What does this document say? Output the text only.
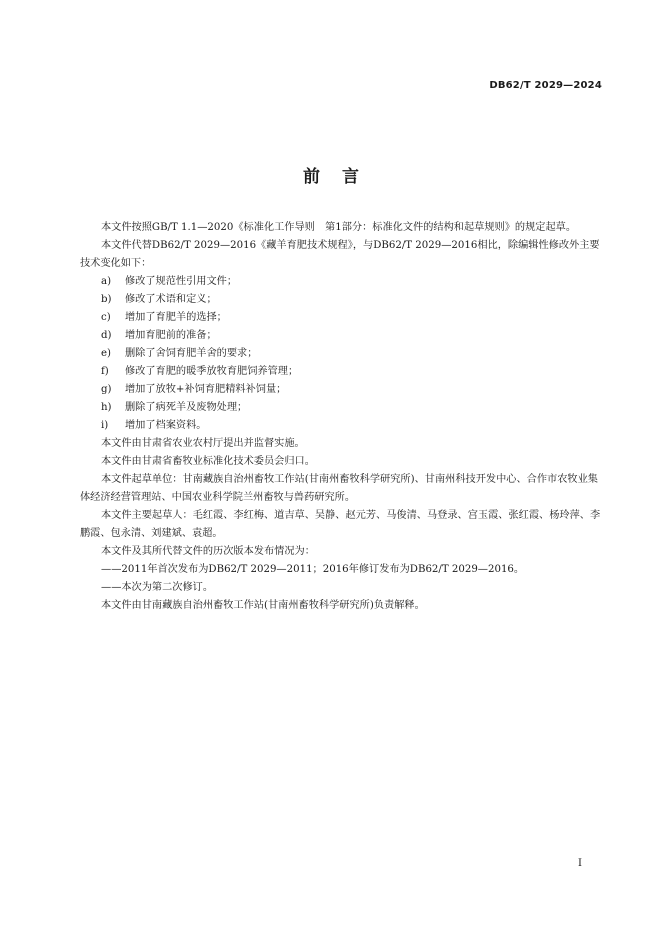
DB62/T 2029—2024
前言

本文件按照GB/T 1.1—2020《标准化工作导则　第1部分：标准化文件的结构和起草规则》的规定起草。

本文件代替DB62/T 2029—2016《藏羊育肥技术规程》，与DB62/T 2029—2016相比，除编辑性修改外主要技术变化如下：

a)	修改了规范性引用文件；

b)	修改了术语和定义；

c)	增加了育肥羊的选择；

d)	增加育肥前的准备；

e)	删除了舍饲育肥羊舍的要求；

f)	修改了育肥的暖季放牧育肥饲养管理；

g)	增加了放牧+补饲育肥精料补饲量；

h)	删除了病死羊及废物处理；

i)	增加了档案资料。

本文件由甘肃省农业农村厅提出并监督实施。

本文件由甘肃省畜牧业标准化技术委员会归口。

本文件起草单位：甘南藏族自治州畜牧工作站(甘南州畜牧科学研究所)、甘南州科技开发中心、合作市农牧业集体经济经营管理站、中国农业科学院兰州畜牧与兽药研究所。

本文件主要起草人：毛红霞、李红梅、道吉草、吴静、赵元芳、马俊清、马登录、宫玉霞、张红霞、杨玲萍、李鹏霞、包永清、刘建斌、袁超。

本文件及其所代替文件的历次版本发布情况为：

——2011年首次发布为DB62/T 2029—2011；2016年修订发布为DB62/T 2029—2016。

——本次为第二次修订。

本文件由甘南藏族自治州畜牧工作站(甘南州畜牧科学研究所)负责解释。

I
